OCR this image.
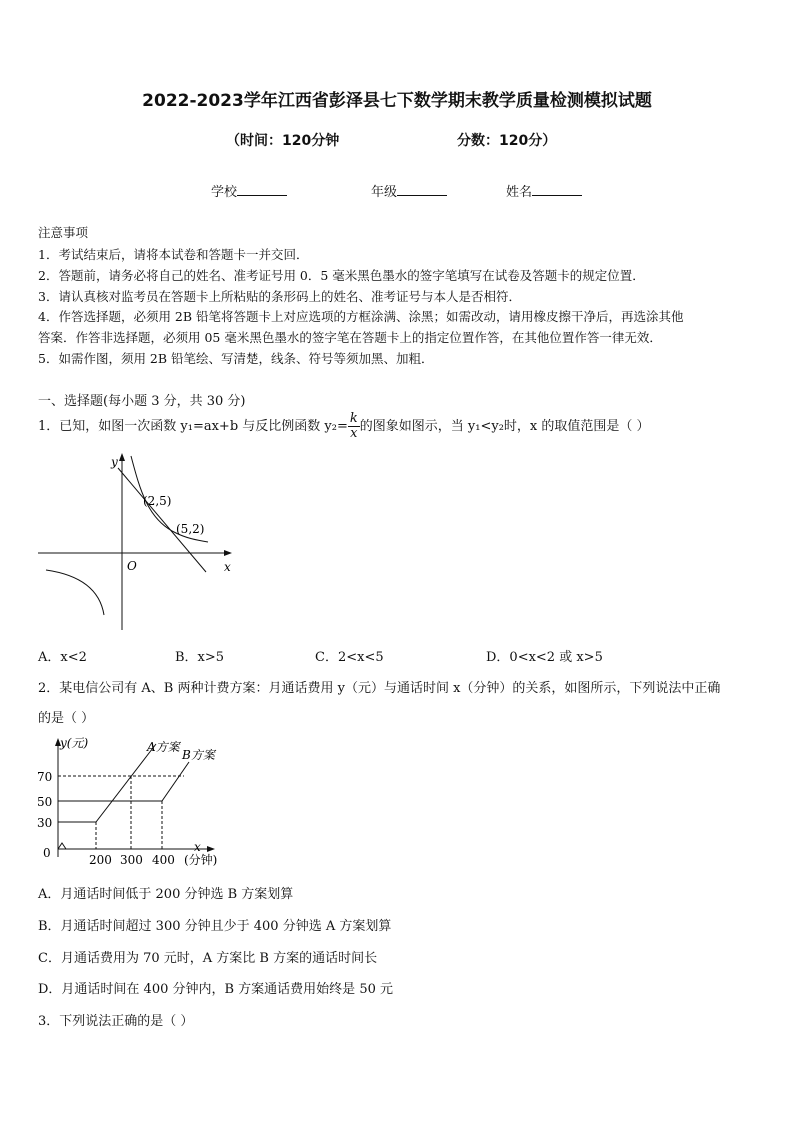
2022-2023学年江西省彭泽县七下数学期末教学质量检测模拟试题
（时间：120分钟	分数：120分）
学校	年级	姓名
注意事项
1．考试结束后，请将本试卷和答题卡一并交回．
2．答题前，请务必将自己的姓名、准考证号用 0．5 毫米黑色墨水的签字笔填写在试卷及答题卡的规定位置．
3．请认真核对监考员在答题卡上所粘贴的条形码上的姓名、准考证号与本人是否相符．
4．作答选择题，必须用 2B 铅笔将答题卡上对应选项的方框涂满、涂黑；如需改动，请用橡皮擦干净后，再选涂其他
答案．作答非选择题，必须用 05 毫米黑色墨水的签字笔在答题卡上的指定位置作答，在其他位置作答一律无效．
5．如需作图，须用 2B 铅笔绘、写清楚，线条、符号等须加黑、加粗．
一、选择题(每小题 3 分，共 30 分)
1．已知，如图一次函数 y₁=ax+b 与反比例函数 $y_2= \frac{k}{x}$ 的图象如图示，当 y₁<y₂时，x 的取值范围是（ ）
y
x
O
(2,5)
(5,2)
A．x<2	B．x>5	C．2<x<5	D．0<x<2 或 x>5
2．某电信公司有 A、B 两种计费方案：月通话费用 y（元）与通话时间 x（分钟）的关系，如图所示，下列说法中正确
的是（ ）
y(元)	A方案
B方案
70
50
30
0	200 300 400
x
(分钟)
A．月通话时间低于 200 分钟选 B 方案划算
B．月通话时间超过 300 分钟且少于 400 分钟选 A 方案划算
C．月通话费用为 70 元时，A 方案比 B 方案的通话时间长
D．月通话时间在 400 分钟内，B 方案通话费用始终是 50 元
3．下列说法正确的是（ ）
